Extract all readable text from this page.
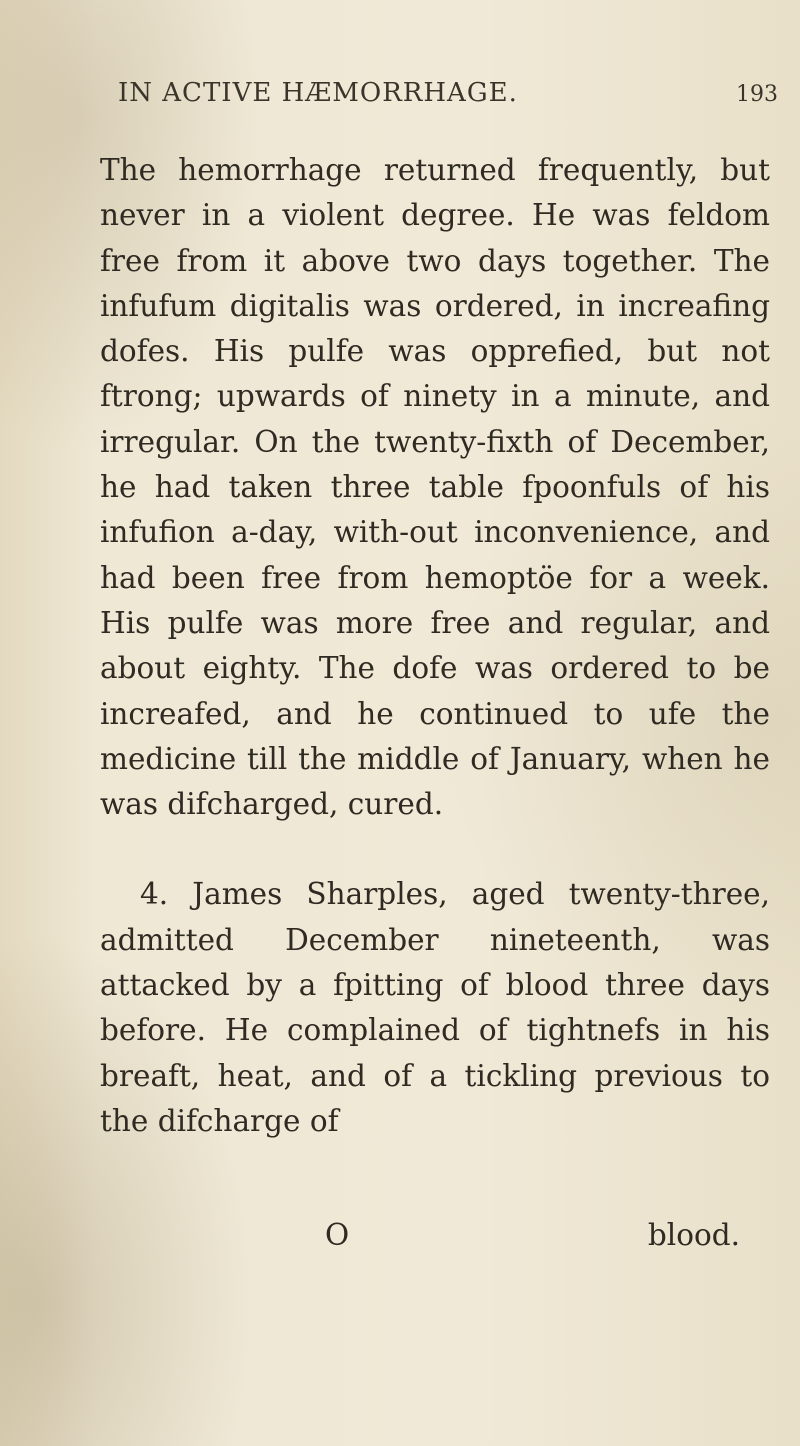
IN ACTIVE HÆMORRHAGE.	193

The hemorrhage returned frequently, but never in a violent degree. He was feldom free from it above two days together. The infufum digitalis was ordered, in increafing dofes. His pulfe was opprefied, but not ftrong; upwards of ninety in a minute, and irregular. On the twenty-fixth of December, he had taken three table fpoonfuls of his infufion a-day, with-out inconvenience, and had been free from hemoptöe for a week. His pulfe was more free and regular, and about eighty. The dofe was ordered to be increafed, and he continued to ufe the medicine till the middle of January, when he was difcharged, cured.

4. James Sharples, aged twenty-three, admitted December nineteenth, was attacked by a fpitting of blood three days before. He complained of tightnefs in his breaft, heat, and of a tickling previous to the difcharge of

O	blood.
